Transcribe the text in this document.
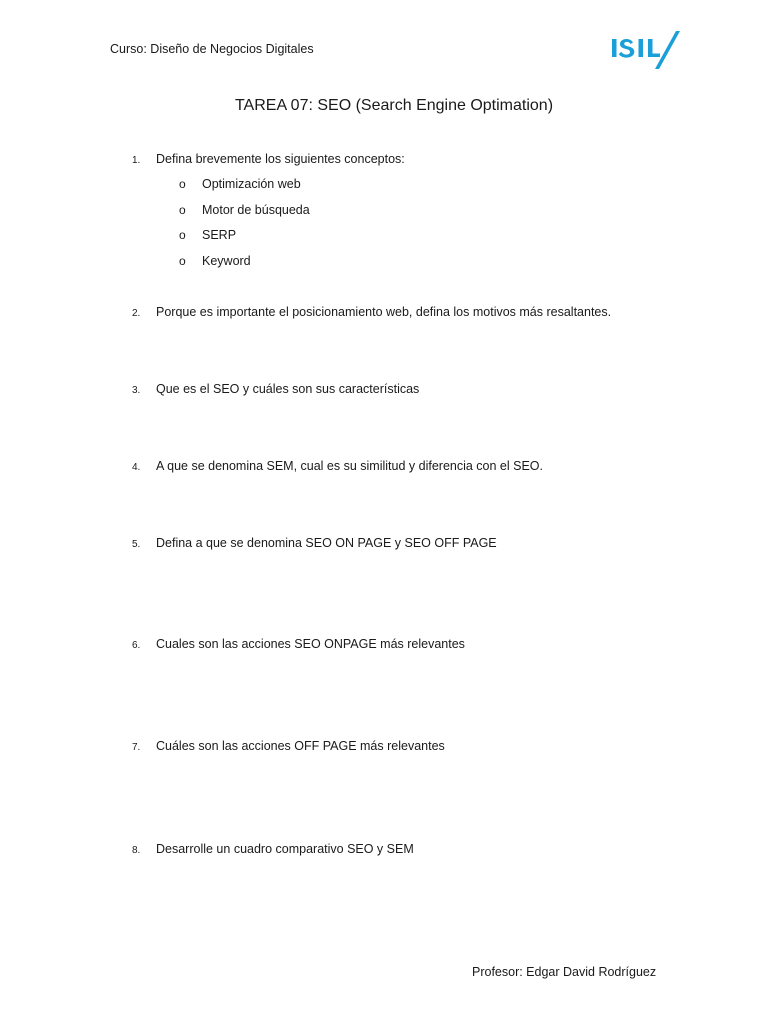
Curso: Diseño de Negocios Digitales
TAREA 07: SEO (Search Engine Optimation)
1.	Defina brevemente los siguientes conceptos:
o	Optimización web
o	Motor de búsqueda
o	SERP
o	Keyword
2.	Porque es importante el posicionamiento web, defina los motivos más resaltantes.
3.	Que es el SEO y cuáles son sus características
4.	A que se denomina SEM, cual es su similitud y diferencia con el SEO.
5.	Defina a que se denomina SEO ON PAGE y SEO OFF PAGE
6.	Cuales son las acciones SEO ONPAGE más relevantes
7.	Cuáles son las acciones OFF PAGE más relevantes
8.	Desarrolle un cuadro comparativo SEO y SEM
Profesor: Edgar David Rodríguez
